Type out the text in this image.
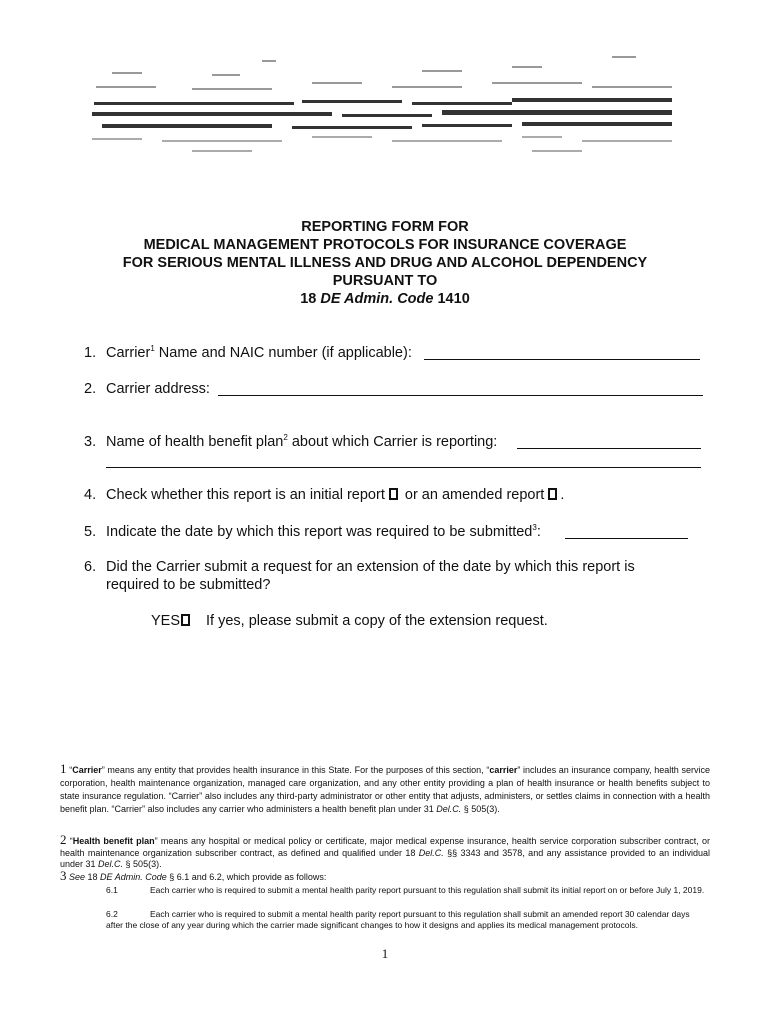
REPORTING FORM FOR
MEDICAL MANAGEMENT PROTOCOLS FOR INSURANCE COVERAGE
FOR SERIOUS MENTAL ILLNESS AND DRUG AND ALCOHOL DEPENDENCY
PURSUANT TO
18 DE Admin. Code 1410
1. Carrier$^1$ Name and NAIC number (if applicable):
2. Carrier address:
3. Name of health benefit plan$^2$ about which Carrier is reporting:
4. Check whether this report is an initial report or an amended report .
5. Indicate the date by which this report was required to be submitted$^3$:
6. Did the Carrier submit a request for an extension of the date by which this report is
required to be submitted?
YES If yes, please submit a copy of the extension request.
1 “Carrier” means any entity that provides health insurance in this State. For the purposes of this section, “carrier” includes an insurance company, health service corporation, health maintenance organization, managed care organization, and any other entity providing a plan of health insurance or health benefits subject to state insurance regulation. “Carrier” also includes any third-party administrator or other entity that adjusts, administers, or settles claims in connection with a health benefit plan. “Carrier” also includes any carrier who administers a health benefit plan under 31 Del.C. § 505(3).
2 “Health benefit plan” means any hospital or medical policy or certificate, major medical expense insurance, health service corporation subscriber contract, or health maintenance organization subscriber contract, as defined and qualified under 18 Del.C. §§ 3343 and 3578, and any assistance provided to an individual under 31 Del.C. § 505(3).
3 See 18 DE Admin. Code § 6.1 and 6.2, which provide as follows:
6.1	Each carrier who is required to submit a mental health parity report pursuant to this regulation shall submit its initial report on or before July 1, 2019.
6.2	Each carrier who is required to submit a mental health parity report pursuant to this regulation shall submit an amended report 30 calendar days after the close of any year during which the carrier made significant changes to how it designs and applies its medical management protocols.
1
